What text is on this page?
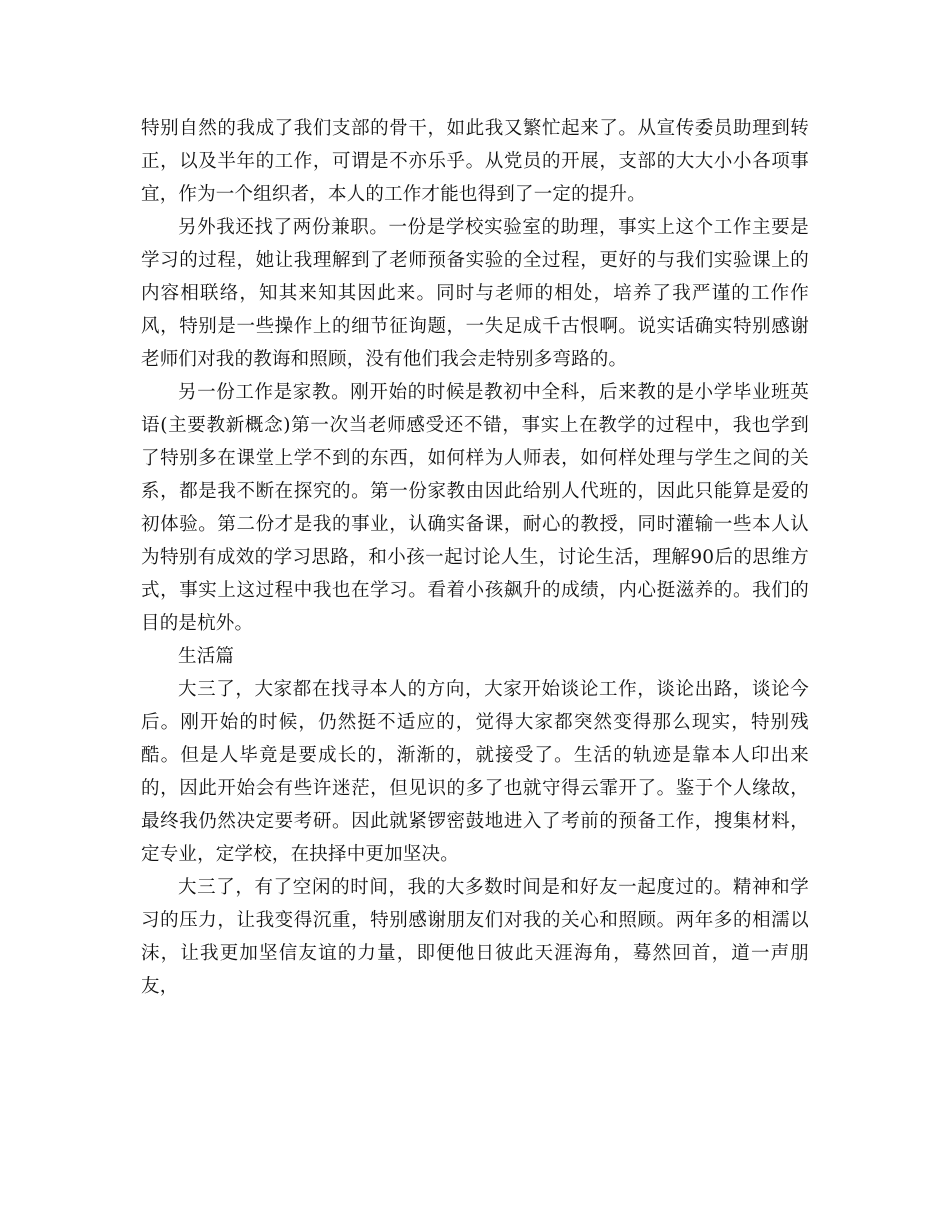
特别自然的我成了我们支部的骨干，如此我又繁忙起来了。从宣传委员助理到转正，以及半年的工作，可谓是不亦乐乎。从党员的开展，支部的大大小小各项事宜，作为一个组织者，本人的工作才能也得到了一定的提升。

另外我还找了两份兼职。一份是学校实验室的助理，事实上这个工作主要是学习的过程，她让我理解到了老师预备实验的全过程，更好的与我们实验课上的内容相联络，知其来知其因此来。同时与老师的相处，培养了我严谨的工作作风，特别是一些操作上的细节征询题，一失足成千古恨啊。说实话确实特别感谢老师们对我的教诲和照顾，没有他们我会走特别多弯路的。

另一份工作是家教。刚开始的时候是教初中全科，后来教的是小学毕业班英语(主要教新概念)第一次当老师感受还不错，事实上在教学的过程中，我也学到了特别多在课堂上学不到的东西，如何样为人师表，如何样处理与学生之间的关系，都是我不断在探究的。第一份家教由因此给别人代班的，因此只能算是爱的初体验。第二份才是我的事业，认确实备课，耐心的教授，同时灌输一些本人认为特别有成效的学习思路，和小孩一起讨论人生，讨论生活，理解90后的思维方式，事实上这过程中我也在学习。看着小孩飙升的成绩，内心挺滋养的。我们的目的是杭外。

生活篇

大三了，大家都在找寻本人的方向，大家开始谈论工作，谈论出路，谈论今后。刚开始的时候，仍然挺不适应的，觉得大家都突然变得那么现实，特别残酷。但是人毕竟是要成长的，渐渐的，就接受了。生活的轨迹是靠本人印出来的，因此开始会有些许迷茫，但见识的多了也就守得云霏开了。鉴于个人缘故，最终我仍然决定要考研。因此就紧锣密鼓地进入了考前的预备工作，搜集材料，定专业，定学校，在抉择中更加坚决。

大三了，有了空闲的时间，我的大多数时间是和好友一起度过的。精神和学习的压力，让我变得沉重，特别感谢朋友们对我的关心和照顾。两年多的相濡以沫，让我更加坚信友谊的力量，即便他日彼此天涯海角，蓦然回首，道一声朋友，
